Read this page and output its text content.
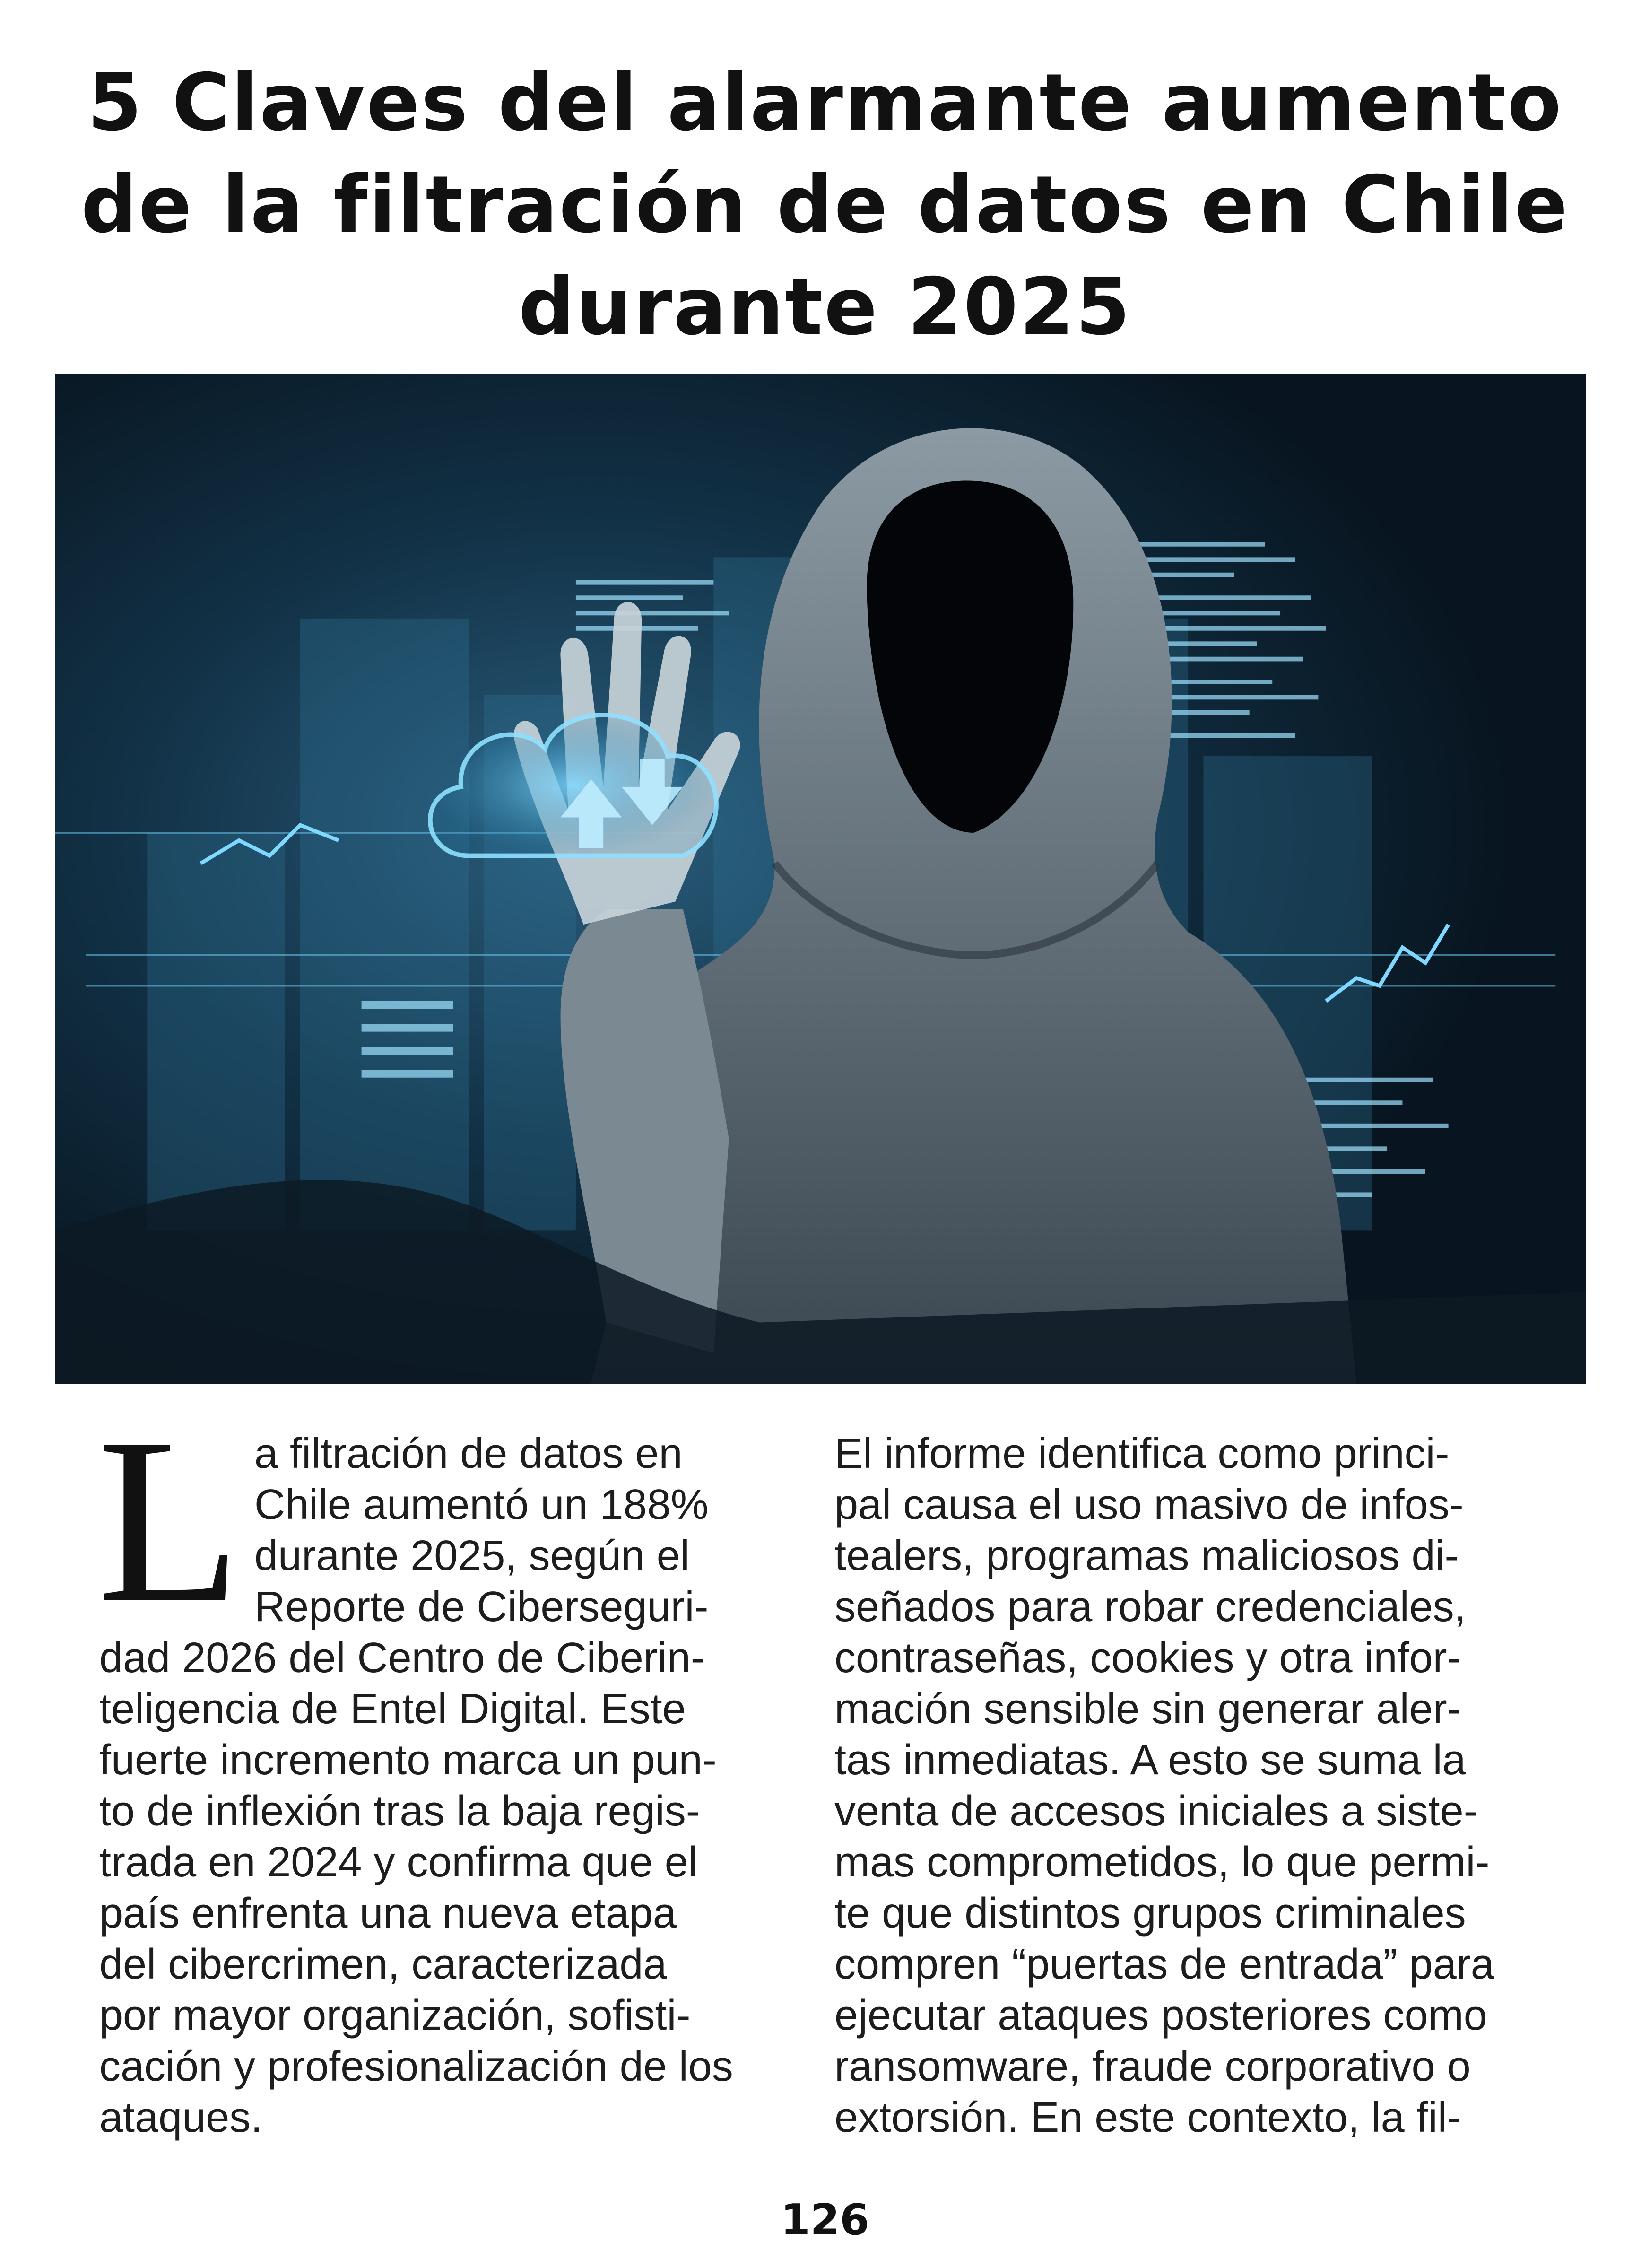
5 Claves del alarmante aumento
de la filtración de datos en Chile
durante 2025
L a filtración de datos en
Chile aumentó un 188%
durante 2025, según el
Reporte de Ciberseguri-
dad 2026 del Centro de Ciberin-
teligencia de Entel Digital. Este
fuerte incremento marca un pun-
to de inflexión tras la baja regis-
trada en 2024 y confirma que el
país enfrenta una nueva etapa
del cibercrimen, caracterizada
por mayor organización, sofisti-
cación y profesionalización de los
ataques.
El informe identifica como princi-
pal causa el uso masivo de infos-
tealers, programas maliciosos di-
señados para robar credenciales,
contraseñas, cookies y otra infor-
mación sensible sin generar aler-
tas inmediatas. A esto se suma la
venta de accesos iniciales a siste-
mas comprometidos, lo que permi-
te que distintos grupos criminales
compren “puertas de entrada” para
ejecutar ataques posteriores como
ransomware, fraude corporativo o
extorsión. En este contexto, la fil-
126
